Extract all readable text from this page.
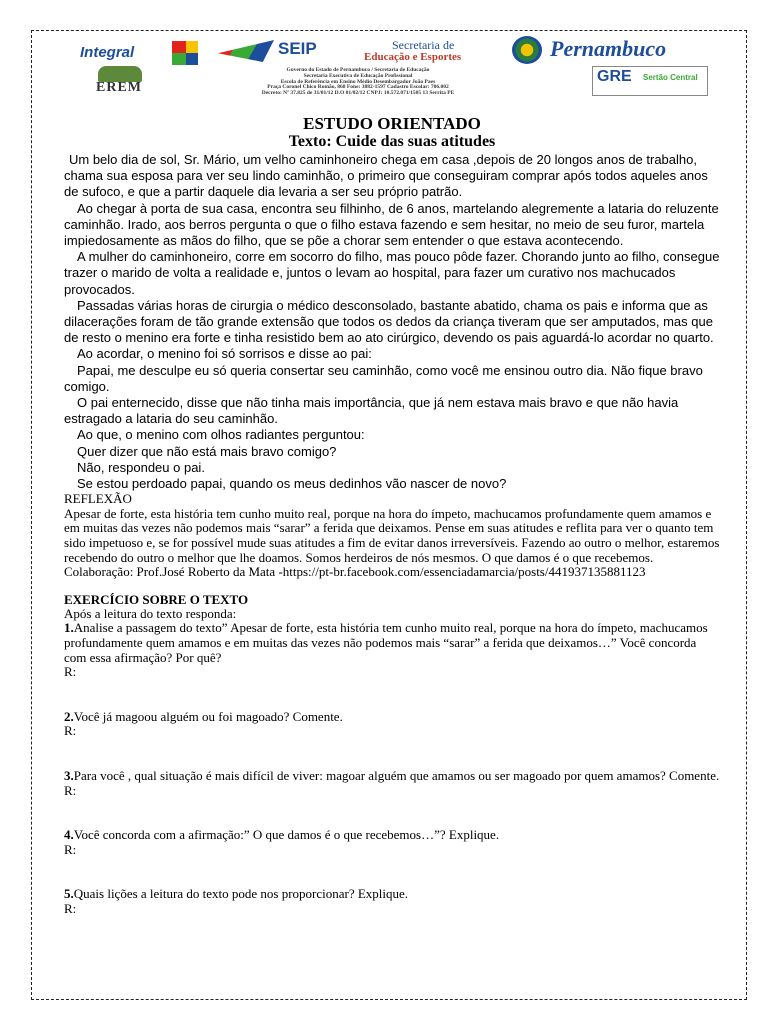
Integral
EREM
SEIP	Secretaria de
Educação e Esportes	Pernambuco
Governo do Estado de Pernambuco / Secretaria de Educação
Secretaria Executiva de Educação Profissional
Escola de Referência em Ensino Médio Desembargador João Paes
Praça Coronel Chico Romão, 868 Fone: 3882-1597 Cadastro Escolar: 706.002
Decreto: Nº 37.825 de 31/01/12 D.O 01/02/12 CNPJ: 10.572.071/1505 13 Serrita PE
GRE Sertão Central
ESTUDO ORIENTADO
Texto: Cuide das suas atitudes

Um belo dia de sol, Sr. Mário, um velho caminhoneiro chega em casa ,depois de 20 longos anos de trabalho, chama sua esposa para ver seu lindo caminhão, o primeiro que conseguiram comprar após todos aqueles anos de sufoco, e que a partir daquele dia levaria a ser seu próprio patrão.

Ao chegar à porta de sua casa, encontra seu filhinho, de 6 anos, martelando alegremente a lataria do reluzente caminhão. Irado, aos berros pergunta o que o filho estava fazendo e sem hesitar, no meio de seu furor, martela impiedosamente as mãos do filho, que se põe a chorar sem entender o que estava acontecendo.

A mulher do caminhoneiro, corre em socorro do filho, mas pouco pôde fazer. Chorando junto ao filho, consegue trazer o marido de volta a realidade e, juntos o levam ao hospital, para fazer um curativo nos machucados provocados.

Passadas várias horas de cirurgia o médico desconsolado, bastante abatido, chama os pais e informa que as dilacerações foram de tão grande extensão que todos os dedos da criança tiveram que ser amputados, mas que de resto o menino era forte e tinha resistido bem ao ato cirúrgico, devendo os pais aguardá-lo acordar no quarto.

Ao acordar, o menino foi só sorrisos e disse ao pai:

Papai, me desculpe eu só queria consertar seu caminhão, como você me ensinou outro dia. Não fique bravo comigo.

O pai enternecido, disse que não tinha mais importância, que já nem estava mais bravo e que não havia estragado a lataria do seu caminhão.

Ao que, o menino com olhos radiantes perguntou:

Quer dizer que não está mais bravo comigo?

Não, respondeu o pai.

Se estou perdoado papai, quando os meus dedinhos vão nascer de novo?

REFLEXÃO

Apesar de forte, esta história tem cunho muito real, porque na hora do ímpeto, machucamos profundamente quem amamos e em muitas das vezes não podemos mais “sarar” a ferida que deixamos. Pense em suas atitudes e reflita para ver o quanto tem sido impetuoso e, se for possível mude suas atitudes a fim de evitar danos irreversíveis. Fazendo ao outro o melhor, estaremos recebendo do outro o melhor que lhe doamos. Somos herdeiros de nós mesmos. O que damos é o que recebemos.

Colaboração: Prof.José Roberto da Mata -https://pt-br.facebook.com/essenciadamarcia/posts/441937135881123

EXERCÍCIO SOBRE O TEXTO

Após a leitura do texto responda:

1.Analise a passagem do texto” Apesar de forte, esta história tem cunho muito real, porque na hora do ímpeto, machucamos profundamente quem amamos e em muitas das vezes não podemos mais “sarar” a ferida que deixamos…” Você concorda com essa afirmação? Por quê?

R:

2.Você já magoou alguém ou foi magoado? Comente.

R:

3.Para você , qual situação é mais difícil de viver: magoar alguém que amamos ou ser magoado por quem amamos? Comente.

R:

4.Você concorda com a afirmação:” O que damos é o que recebemos…”? Explique.

R:

5.Quais lições a leitura do texto pode nos proporcionar? Explique.

R:
